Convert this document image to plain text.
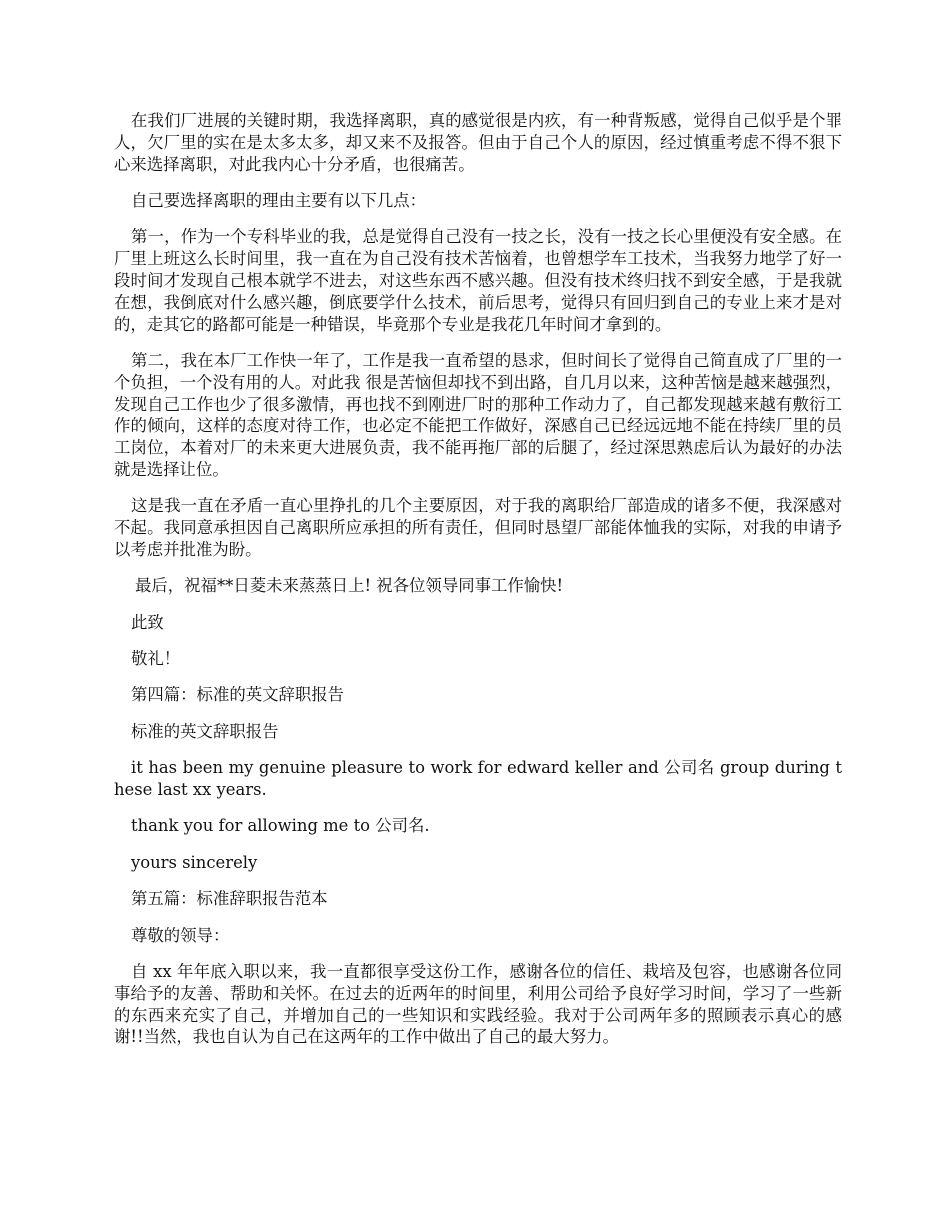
在我们厂进展的关键时期，我选择离职，真的感觉很是内疚，有一种背叛感，觉得自己似乎是个罪人，欠厂里的实在是太多太多，却又来不及报答。但由于自己个人的原因，经过慎重考虑不得不狠下心来选择离职，对此我内心十分矛盾，也很痛苦。

自己要选择离职的理由主要有以下几点：

第一，作为一个专科毕业的我，总是觉得自己没有一技之长，没有一技之长心里便没有安全感。在厂里上班这么长时间里，我一直在为自己没有技术苦恼着，也曾想学车工技术，当我努力地学了好一段时间才发现自己根本就学不进去，对这些东西不感兴趣。但没有技术终归找不到安全感，于是我就在想，我倒底对什么感兴趣，倒底要学什么技术，前后思考，觉得只有回归到自己的专业上来才是对的，走其它的路都可能是一种错误，毕竟那个专业是我花几年时间才拿到的。

第二，我在本厂工作快一年了，工作是我一直希望的恳求，但时间长了觉得自己简直成了厂里的一个负担，一个没有用的人。对此我 很是苦恼但却找不到出路，自几月以来，这种苦恼是越来越强烈，发现自己工作也少了很多激情，再也找不到刚进厂时的那种工作动力了，自己都发现越来越有敷衍工作的倾向，这样的态度对待工作，也必定不能把工作做好，深感自己已经远远地不能在持续厂里的员工岗位，本着对厂的未来更大进展负责，我不能再拖厂部的后腿了，经过深思熟虑后认为最好的办法就是选择让位。

这是我一直在矛盾一直心里挣扎的几个主要原因，对于我的离职给厂部造成的诸多不便，我深感对不起。我同意承担因自己离职所应承担的所有责任，但同时恳望厂部能体恤我的实际，对我的申请予以考虑并批准为盼。

最后，祝福**日菱未来蒸蒸日上! 祝各位领导同事工作愉快!

此致

敬礼！

第四篇：标准的英文辞职报告

标准的英文辞职报告

it has been my genuine pleasure to work for edward keller and 公司名 group during these last xx years.

thank you for allowing me to 公司名.

yours sincerely

第五篇：标准辞职报告范本

尊敬的领导：

自 xx 年年底入职以来，我一直都很享受这份工作，感谢各位的信任、栽培及包容，也感谢各位同事给予的友善、帮助和关怀。在过去的近两年的时间里，利用公司给予良好学习时间，学习了一些新的东西来充实了自己，并增加自己的一些知识和实践经验。我对于公司两年多的照顾表示真心的感谢!!当然，我也自认为自己在这两年的工作中做出了自己的最大努力。
